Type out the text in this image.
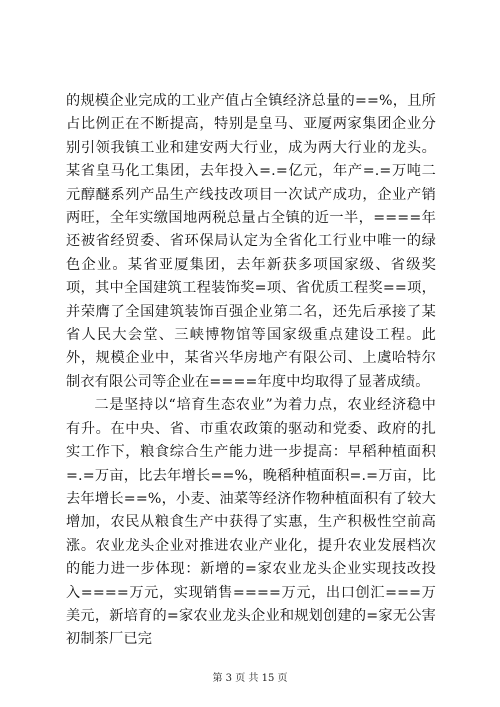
的规模企业完成的工业产值占全镇经济总量的==%，且所占比例正在不断提高，特别是皇马、亚厦两家集团企业分别引领我镇工业和建安两大行业，成为两大行业的龙头。某省皇马化工集团，去年投入=.=亿元，年产=.=万吨二元醇醚系列产品生产线技改项目一次试产成功，企业产销两旺，全年实缴国地两税总量占全镇的近一半，====年还被省经贸委、省环保局认定为全省化工行业中唯一的绿色企业。某省亚厦集团，去年新获多项国家级、省级奖项，其中全国建筑工程装饰奖=项、省优质工程奖==项，并荣膺了全国建筑装饰百强企业第二名，还先后承接了某省人民大会堂、三峡博物馆等国家级重点建设工程。此外，规模企业中，某省兴华房地产有限公司、上虞哈特尔制衣有限公司等企业在====年度中均取得了显著成绩。

二是坚持以“培育生态农业”为着力点，农业经济稳中有升。在中央、省、市重农政策的驱动和党委、政府的扎实工作下，粮食综合生产能力进一步提高：早稻种植面积=.=万亩，比去年增长==%，晚稻种植面积=.=万亩，比去年增长==%，小麦、油菜等经济作物种植面积有了较大增加，农民从粮食生产中获得了实惠，生产积极性空前高涨。农业龙头企业对推进农业产业化，提升农业发展档次的能力进一步体现：新增的=家农业龙头企业实现技改投入====万元，实现销售====万元，出口创汇===万美元，新培育的=家农业龙头企业和规划创建的=家无公害初制茶厂已完

第 3 页 共 15 页
